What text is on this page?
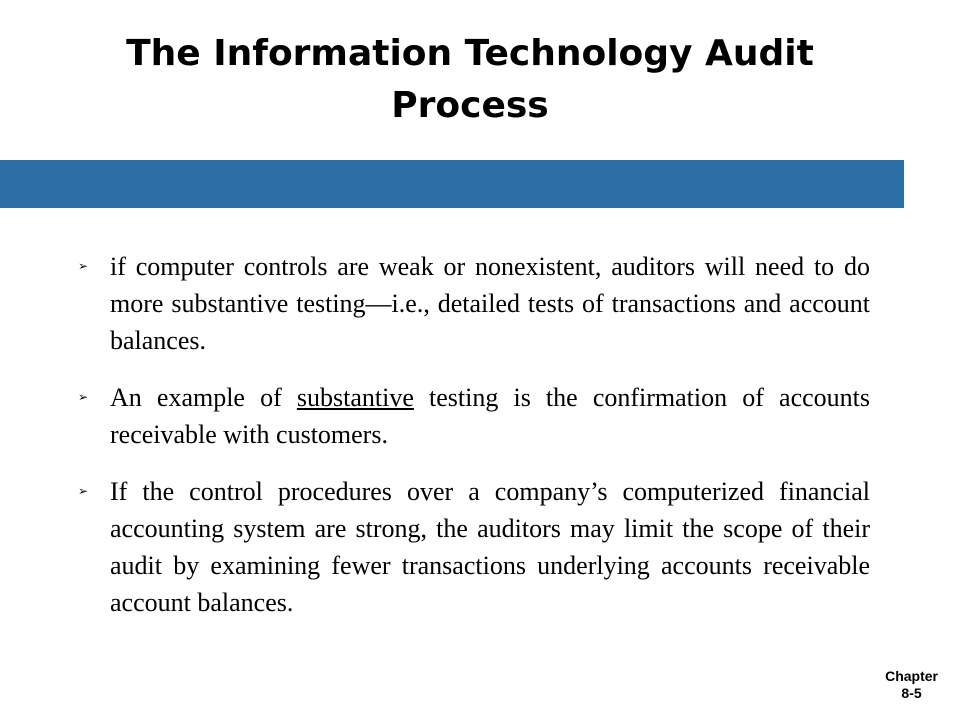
The Information Technology Audit
Process
➢ if computer controls are weak or nonexistent, auditors will need to do more substantive testing—i.e., detailed tests of transactions and account balances.
➢ An example of substantive testing is the confirmation of accounts receivable with customers.
➢ If the control procedures over a company’s computerized financial accounting system are strong, the auditors may limit the scope of their audit by examining fewer transactions underlying accounts receivable account balances.
Chapter
8-5
